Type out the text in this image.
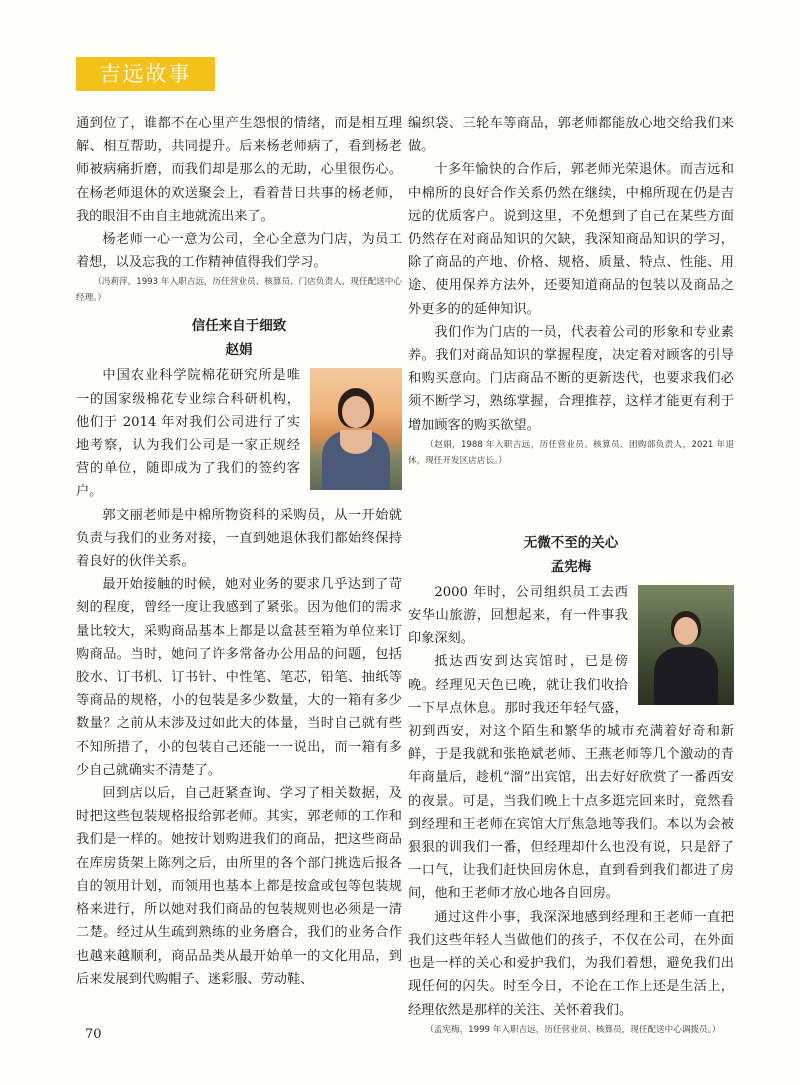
吉远故事

通到位了，谁都不在心里产生怨恨的情绪，而是相互理解、相互帮助，共同提升。后来杨老师病了，看到杨老师被病痛折磨，而我们却是那么的无助，心里很伤心。在杨老师退休的欢送聚会上，看着昔日共事的杨老师，我的眼泪不由自主地就流出来了。

杨老师一心一意为公司，全心全意为门店，为员工着想，以及忘我的工作精神值得我们学习。

（冯莉萍，1993 年入职吉远，历任营业员、核算员、门店负责人，现任配送中心经理。）

信任来自于细致
赵娟

中国农业科学院棉花研究所是唯一的国家级棉花专业综合科研机构，他们于 2014 年对我们公司进行了实地考察，认为我们公司是一家正规经营的单位，随即成为了我们的签约客户。

郭文丽老师是中棉所物资科的采购员，从一开始就负责与我们的业务对接，一直到她退休我们都始终保持着良好的伙伴关系。

最开始接触的时候，她对业务的要求几乎达到了苛刻的程度，曾经一度让我感到了紧张。因为他们的需求量比较大，采购商品基本上都是以盒甚至箱为单位来订购商品。当时，她问了许多常备办公用品的问题，包括胶水、订书机、订书针、中性笔、笔芯，铅笔、抽纸等等商品的规格，小的包装是多少数量，大的一箱有多少数量？之前从未涉及过如此大的体量，当时自己就有些不知所措了，小的包装自己还能一一说出，而一箱有多少自己就确实不清楚了。

回到店以后，自己赶紧查询、学习了相关数据，及时把这些包装规格报给郭老师。其实，郭老师的工作和我们是一样的。她按计划购进我们的商品，把这些商品在库房货架上陈列之后，由所里的各个部门挑选后报各自的领用计划，而领用也基本上都是按盒或包等包装规格来进行，所以她对我们商品的包装规则也必须是一清二楚。经过从生疏到熟练的业务磨合，我们的业务合作也越来越顺利，商品品类从最开始单一的文化用品，到后来发展到代购帽子、迷彩服、劳动鞋、

编织袋、三轮车等商品，郭老师都能放心地交给我们来做。

十多年愉快的合作后，郭老师光荣退休。而吉远和中棉所的良好合作关系仍然在继续，中棉所现在仍是吉远的优质客户。说到这里，不免想到了自己在某些方面仍然存在对商品知识的欠缺，我深知商品知识的学习，除了商品的产地、价格、规格、质量、特点、性能、用途、使用保养方法外，还要知道商品的包装以及商品之外更多的的延伸知识。

我们作为门店的一员，代表着公司的形象和专业素养。我们对商品知识的掌握程度，决定着对顾客的引导和购买意向。门店商品不断的更新迭代，也要求我们必须不断学习，熟练掌握，合理推荐，这样才能更有利于增加顾客的购买欲望。

（赵娟，1988 年入职吉远，历任营业员、核算员、团购部负责人，2021 年退休，现任开发区店店长。）

无微不至的关心
孟宪梅

2000 年时，公司组织员工去西安华山旅游，回想起来，有一件事我印象深刻。

抵达西安到达宾馆时，已是傍晚。经理见天色已晚，就让我们收拾一下早点休息。那时我还年轻气盛，初到西安，对这个陌生和繁华的城市充满着好奇和新鲜，于是我就和张艳斌老师、王燕老师等几个激动的青年商量后，趁机“溜”出宾馆，出去好好欣赏了一番西安的夜景。可是，当我们晚上十点多逛完回来时，竟然看到经理和王老师在宾馆大厅焦急地等我们。本以为会被狠狠的训我们一番，但经理却什么也没有说，只是舒了一口气，让我们赶快回房休息，直到看到我们都进了房间，他和王老师才放心地各自回房。

通过这件小事，我深深地感到经理和王老师一直把我们这些年轻人当做他们的孩子，不仅在公司，在外面也是一样的关心和爱护我们，为我们着想，避免我们出现任何的闪失。时至今日，不论在工作上还是生活上，经理依然是那样的关注、关怀着我们。

（孟宪梅，1999 年入职吉远，历任营业员、核算员，现任配送中心调拨员。）

70
